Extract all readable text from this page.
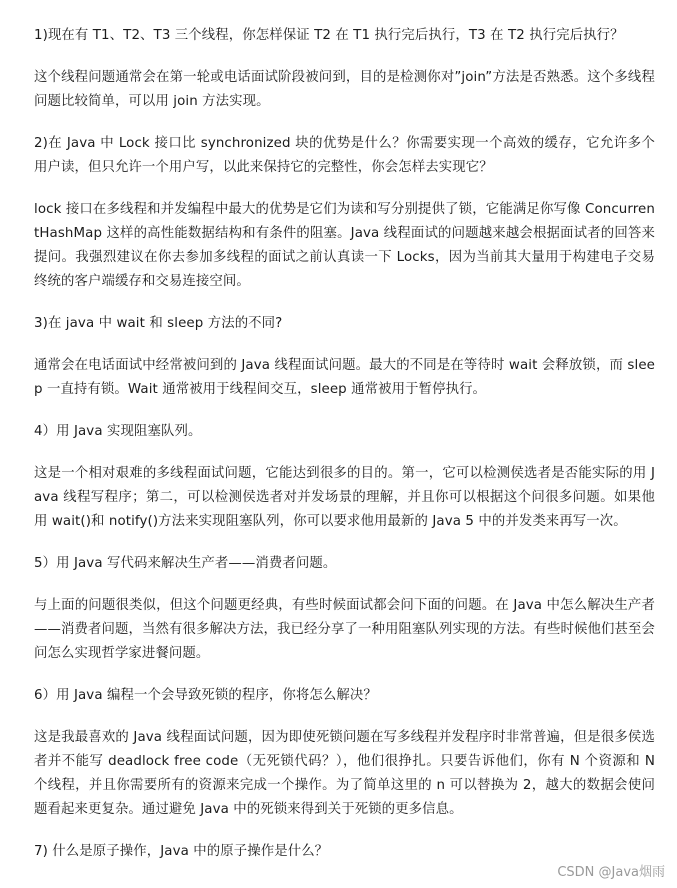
1)现在有 T1、T2、T3 三个线程，你怎样保证 T2 在 T1 执行完后执行，T3 在 T2 执行完后执行？

这个线程问题通常会在第一轮或电话面试阶段被问到，目的是检测你对”join”方法是否熟悉。这个多线程问题比较简单，可以用 join 方法实现。

2)在 Java 中 Lock 接口比 synchronized 块的优势是什么？你需要实现一个高效的缓存，它允许多个用户读，但只允许一个用户写，以此来保持它的完整性，你会怎样去实现它？

lock 接口在多线程和并发编程中最大的优势是它们为读和写分别提供了锁，它能满足你写像 ConcurrentHashMap 这样的高性能数据结构和有条件的阻塞。Java 线程面试的问题越来越会根据面试者的回答来提问。我强烈建议在你去参加多线程的面试之前认真读一下 Locks，因为当前其大量用于构建电子交易终统的客户端缓存和交易连接空间。

3)在 java 中 wait 和 sleep 方法的不同?

通常会在电话面试中经常被问到的 Java 线程面试问题。最大的不同是在等待时 wait 会释放锁，而 sleep 一直持有锁。Wait 通常被用于线程间交互，sleep 通常被用于暂停执行。

4）用 Java 实现阻塞队列。

这是一个相对艰难的多线程面试问题，它能达到很多的目的。第一，它可以检测侯选者是否能实际的用 Java 线程写程序；第二，可以检测侯选者对并发场景的理解，并且你可以根据这个问很多问题。如果他用 wait()和 notify()方法来实现阻塞队列，你可以要求他用最新的 Java 5 中的并发类来再写一次。

5）用 Java 写代码来解决生产者——消费者问题。

与上面的问题很类似，但这个问题更经典，有些时候面试都会问下面的问题。在 Java 中怎么解决生产者——消费者问题，当然有很多解决方法，我已经分享了一种用阻塞队列实现的方法。有些时候他们甚至会问怎么实现哲学家进餐问题。

6）用 Java 编程一个会导致死锁的程序，你将怎么解决？

这是我最喜欢的 Java 线程面试问题，因为即使死锁问题在写多线程并发程序时非常普遍，但是很多侯选者并不能写 deadlock free code（无死锁代码？），他们很挣扎。只要告诉他们，你有 N 个资源和 N 个线程，并且你需要所有的资源来完成一个操作。为了简单这里的 n 可以替换为 2，越大的数据会使问题看起来更复杂。通过避免 Java 中的死锁来得到关于死锁的更多信息。

7) 什么是原子操作，Java 中的原子操作是什么？

CSDN @Java烟雨
